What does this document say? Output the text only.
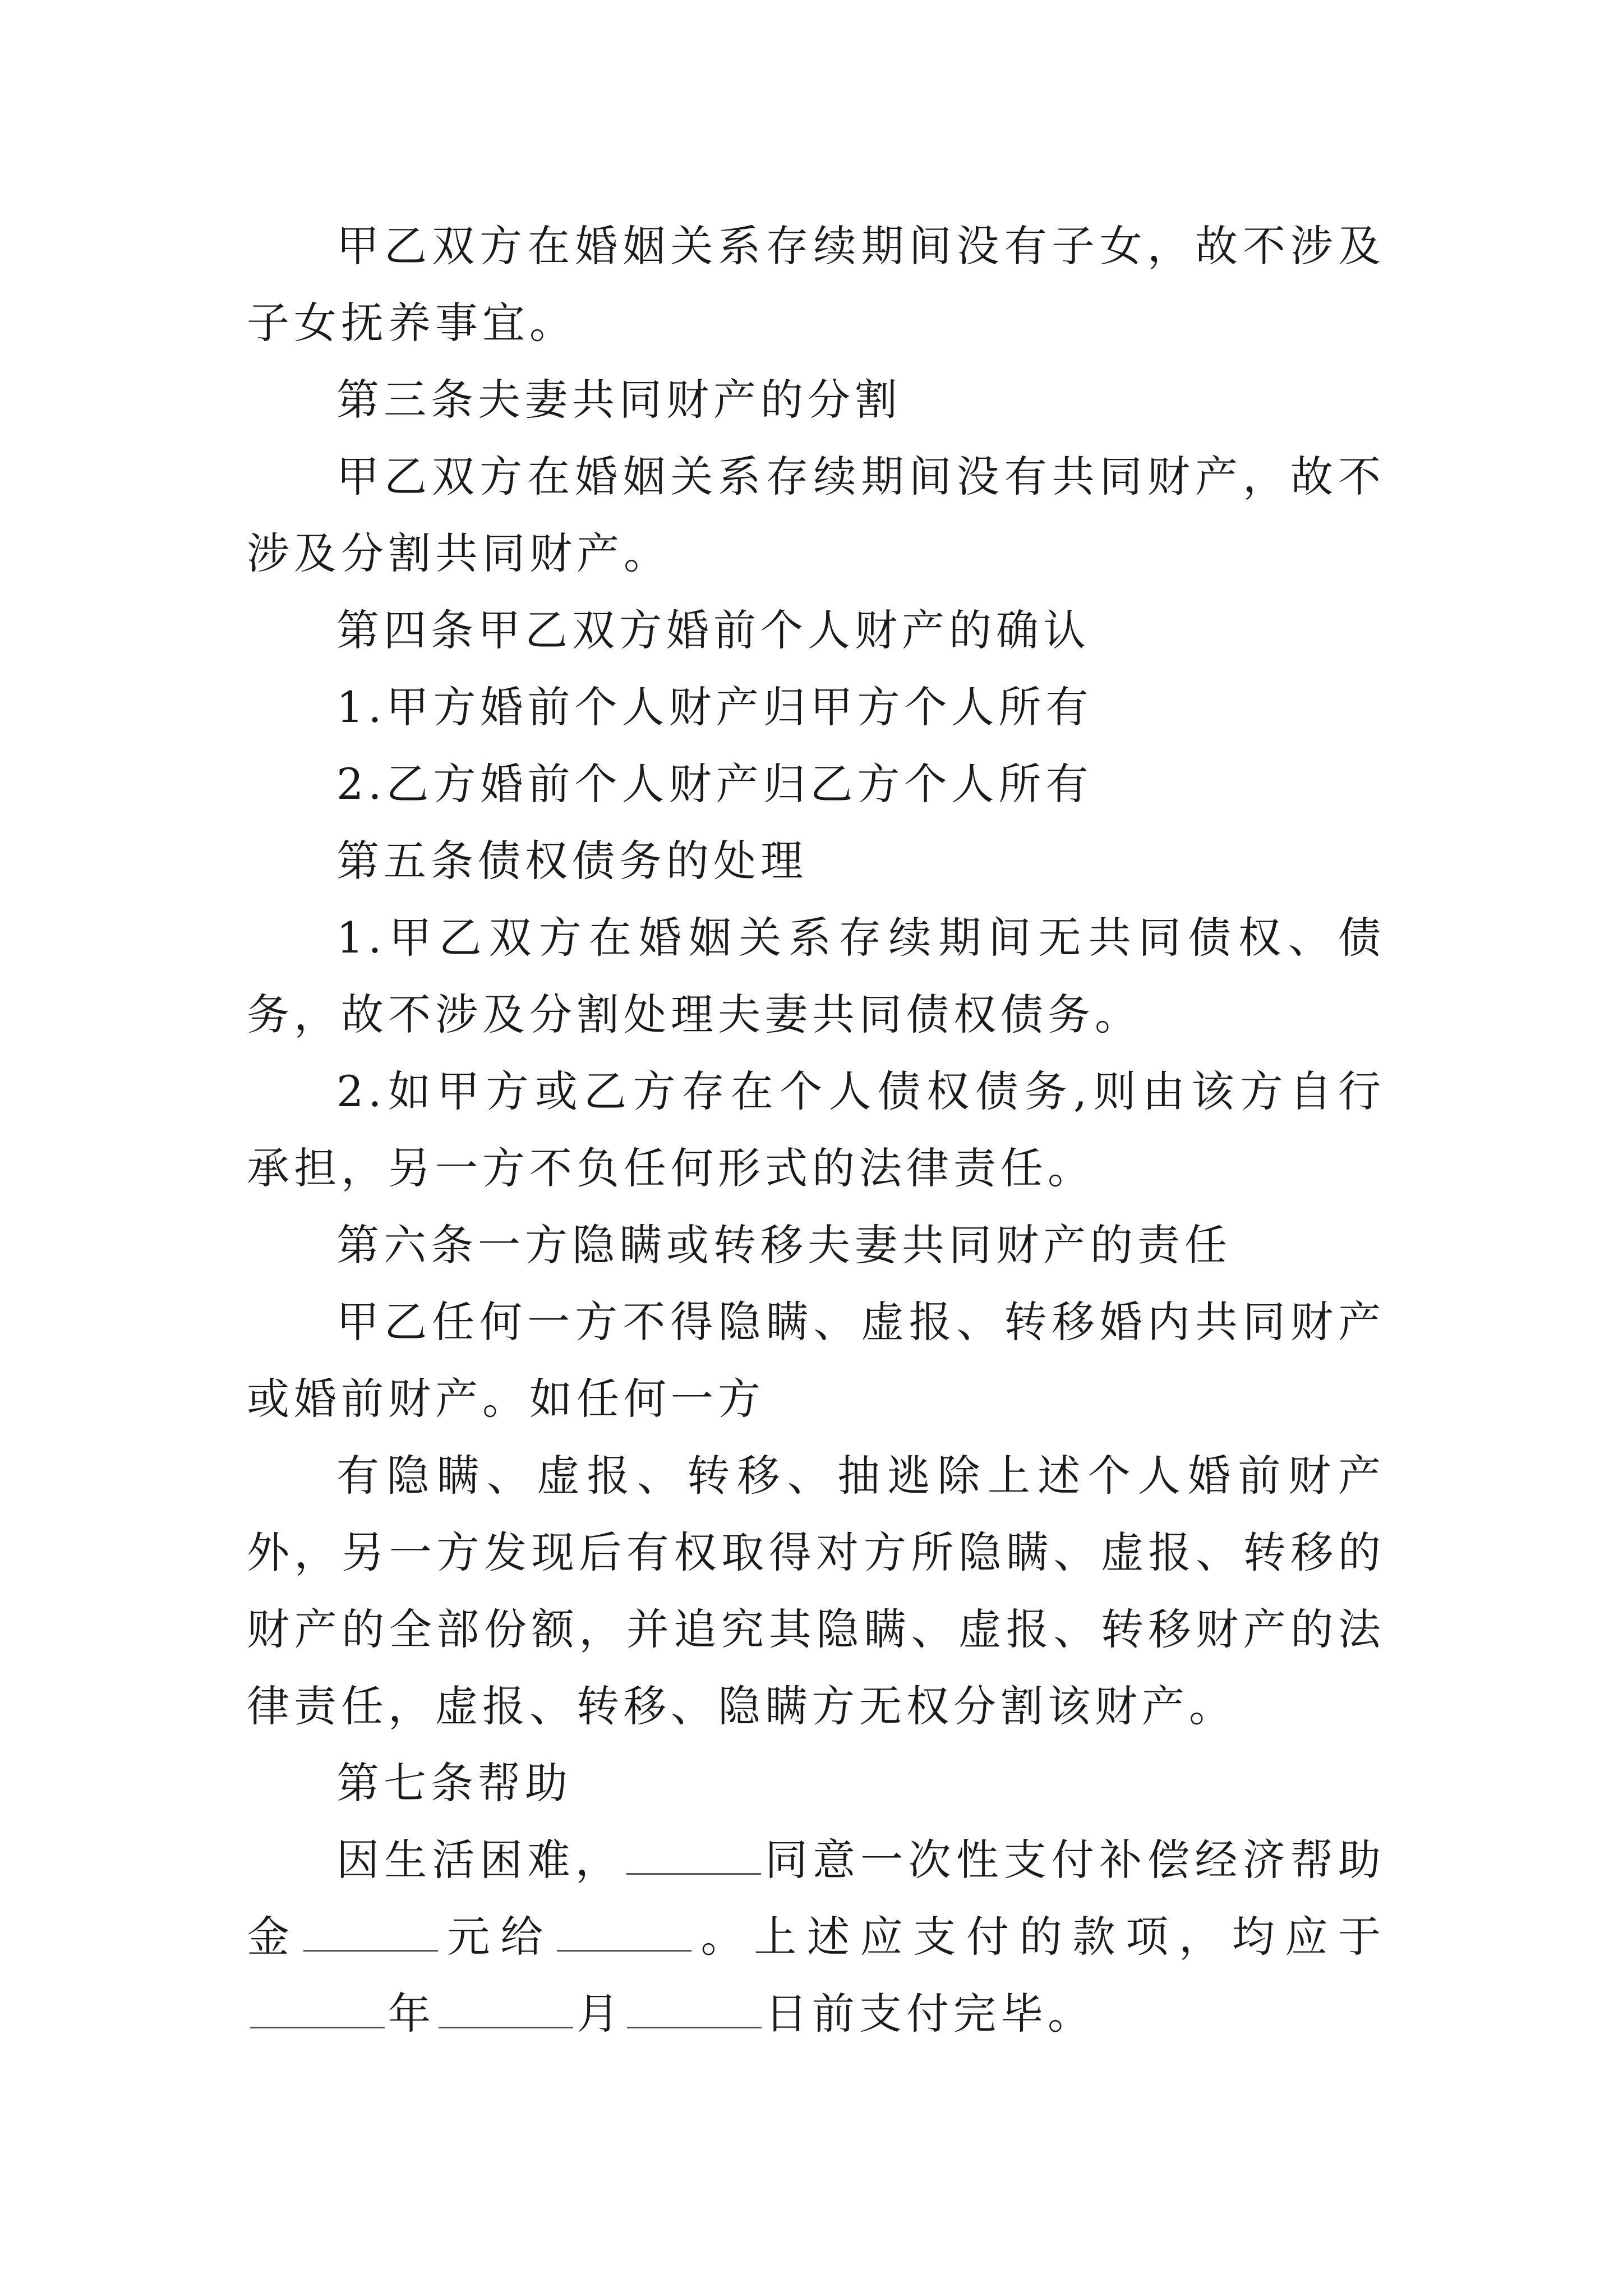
甲乙双方在婚姻关系存续期间没有子女，故不涉及子女抚养事宜。

第三条夫妻共同财产的分割

甲乙双方在婚姻关系存续期间没有共同财产，故不涉及分割共同财产。

第四条甲乙双方婚前个人财产的确认

1.甲方婚前个人财产归甲方个人所有

2.乙方婚前个人财产归乙方个人所有

第五条债权债务的处理

1.甲乙双方在婚姻关系存续期间无共同债权、债务，故不涉及分割处理夫妻共同债权债务。

2.如甲方或乙方存在个人债权债务,则由该方自行承担，另一方不负任何形式的法律责任。

第六条一方隐瞒或转移夫妻共同财产的责任

甲乙任何一方不得隐瞒、虚报、转移婚内共同财产或婚前财产。如任何一方

有隐瞒、虚报、转移、抽逃除上述个人婚前财产外，另一方发现后有权取得对方所隐瞒、虚报、转移的财产的全部份额，并追究其隐瞒、虚报、转移财产的法律责任，虚报、转移、隐瞒方无权分割该财产。

第七条帮助

因生活困难，	同意一次性支付补偿经济帮助金	元给	。上述应支付的款项，均应于年	月	日前支付完毕。
